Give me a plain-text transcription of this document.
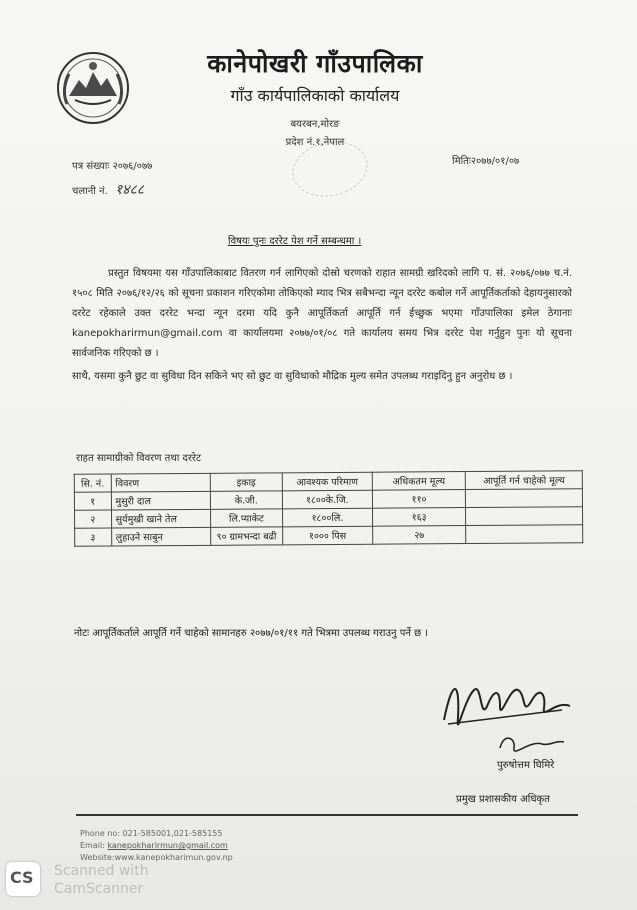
कानेपोखरी गाँउपालिका
गाँउ कार्यपालिकाको कार्यालय
बयरबन,मोरङ
प्रदेश नं.१,नेपाल
पत्र संख्याः २०७६/०७७
चलानी नं. १४८८
मितिः२०७७/०१/०७
विषयः पुनः दररेट पेश गर्ने सम्बन्धमा ।
प्रस्तुत विषयमा यस गाँउपालिकाबाट वितरण गर्न लागिएको दोस्रो चरणको राहात सामग्री खरिदको लागि प. सं. २०७६/०७७ च.नं. १५०८ मिति २०७६/१२/२६ को सूचना प्रकाशन गरिएकोमा तोकिएको म्याद भित्र सबैभन्दा न्यून दररेट कबोल गर्ने आपूर्तिकर्ताको देहायनुसारको दररेट रहेकाले उक्त दररेट भन्दा न्यून दरमा यदि कुनै आपूर्तिकर्ता आपूर्ति गर्न ईच्छुक भएमा गाँउपालिका इमेल ठेगानाः kanepokharirmun@gmail.com वा कार्यालयमा २०७७/०१/०८ गते कार्यालय समय भित्र दररेट पेश गर्नुहुन पुनः यो सूचना सार्वजनिक गरिएको छ ।
साथै, यसमा कुनै छुट वा सुविधा दिन सकिने भए सो छुट वा सुविधाको मौद्रिक मुल्य समेत उपलब्ध गराइदिनु हुन अनुरोध छ ।
राहत सामाग्रीको विवरण तथा दररेट
सि. नं.	विवरण	इकाइ	आवश्यक परिमाण	अधिकतम मूल्य	आपूर्ति गर्न चाहेको मूल्य
१	मुसुरी दाल	के.जी.	१८००के.जि.	११०	
२	सुर्यमुखी खाने तेल	लि.प्याकेट	१८००लि.	१६३	
३	लुहाउने साबुन	९० ग्रामभन्दा बढी	१००० पिस	२७	
नोटः आपूर्तिकर्ताले आपूर्ति गर्ने चाहेको सामानहरु २०७७/०१/११ गते भित्रमा उपलब्ध गराउनु पर्ने छ ।
पुरुषोत्तम घिमिरे
प्रमुख प्रशासकीय अधिकृत
Phone no: 021-585001,021-585155
Email: kanepokharirmun@gmail.com
Website:www.kanepokharimun.gov.np
CS Scanned with
CamScanner
